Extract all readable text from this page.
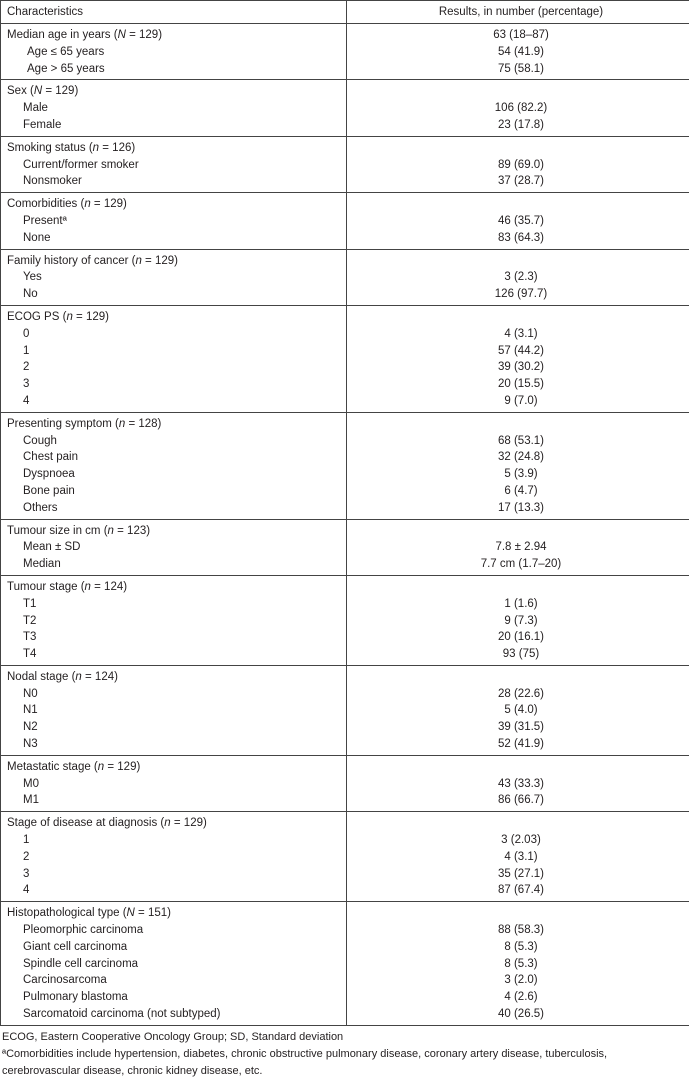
Characteristics	Results, in number (percentage)
Median age in years (N = 129)	63 (18–87)
Age ≤ 65 years	54 (41.9)
Age > 65 years	75 (58.1)
Sex (N = 129)	
Male	106 (82.2)
Female	23 (17.8)
Smoking status (n = 126)	
Current/former smoker	89 (69.0)
Nonsmoker	37 (28.7)
Comorbidities (n = 129)	
Presentª	46 (35.7)
None	83 (64.3)
Family history of cancer (n = 129)	
Yes	3 (2.3)
No	126 (97.7)
ECOG PS (n = 129)	
0	4 (3.1)
1	57 (44.2)
2	39 (30.2)
3	20 (15.5)
4	9 (7.0)
Presenting symptom (n = 128)	
Cough	68 (53.1)
Chest pain	32 (24.8)
Dyspnoea	5 (3.9)
Bone pain	6 (4.7)
Others	17 (13.3)
Tumour size in cm (n = 123)	
Mean ± SD	7.8 ± 2.94
Median	7.7 cm (1.7–20)
Tumour stage (n = 124)	
T1	1 (1.6)
T2	9 (7.3)
T3	20 (16.1)
T4	93 (75)
Nodal stage (n = 124)	
N0	28 (22.6)
N1	5 (4.0)
N2	39 (31.5)
N3	52 (41.9)
Metastatic stage (n = 129)	
M0	43 (33.3)
M1	86 (66.7)
Stage of disease at diagnosis (n = 129)	
1	3 (2.03)
2	4 (3.1)
3	35 (27.1)
4	87 (67.4)
Histopathological type (N = 151)	
Pleomorphic carcinoma	88 (58.3)
Giant cell carcinoma	8 (5.3)
Spindle cell carcinoma	8 (5.3)
Carcinosarcoma	3 (2.0)
Pulmonary blastoma	4 (2.6)
Sarcomatoid carcinoma (not subtyped)	40 (26.5)

ECOG, Eastern Cooperative Oncology Group; SD, Standard deviation

ªComorbidities include hypertension, diabetes, chronic obstructive pulmonary disease, coronary artery disease, tuberculosis,

cerebrovascular disease, chronic kidney disease, etc.
